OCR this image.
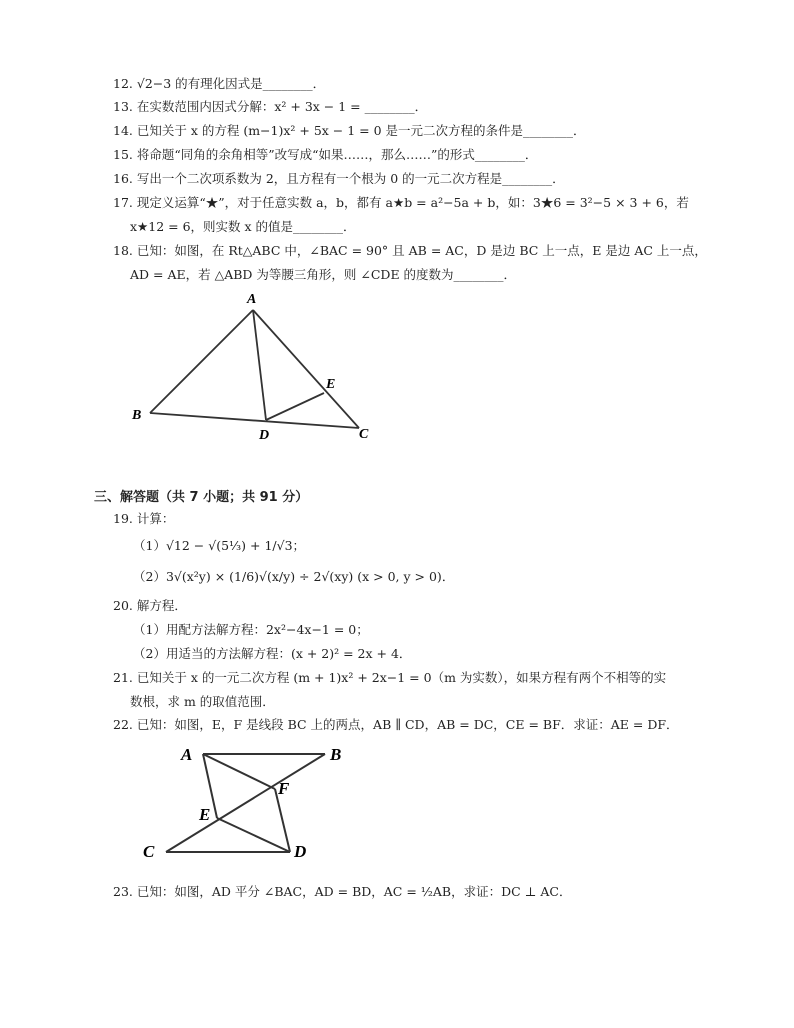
12. √2−3 的有理化因式是________．
13. 在实数范围内因式分解：x² + 3x − 1 = ________．
14. 已知关于 x 的方程 (m−1)x² + 5x − 1 = 0 是一元二次方程的条件是________．
15. 将命题“同角的余角相等”改写成“如果……，那么……”的形式________．
16. 写出一个二次项系数为 2，且方程有一个根为 0 的一元二次方程是________．
17. 现定义运算“★”，对于任意实数 a，b，都有 a★b = a²−5a + b，如：3★6 = 3²−5 × 3 + 6，若
x★12 = 6，则实数 x 的值是________．
18. 已知：如图，在 Rt△ABC 中，∠BAC = 90° 且 AB = AC，D 是边 BC 上一点，E 是边 AC 上一点，
AD = AE，若 △ABD 为等腰三角形，则 ∠CDE 的度数为________．
A
B
C
D
E
三、解答题（共 7 小题；共 91 分）
19. 计算：
（1）√12 − √(5⅓) + 1/√3；
（2）3√(x²y) × (1/6)√(x/y) ÷ 2√(xy) (x > 0, y > 0)．
20. 解方程．
（1）用配方法解方程：2x²−4x−1 = 0；
（2）用适当的方法解方程：(x + 2)² = 2x + 4．
21. 已知关于 x 的一元二次方程 (m + 1)x² + 2x−1 = 0（m 为实数），如果方程有两个不相等的实
数根，求 m 的取值范围．
22. 已知：如图，E，F 是线段 BC 上的两点，AB ∥ CD，AB = DC，CE = BF．求证：AE = DF．
A	B
C	D
E
F
23. 已知：如图，AD 平分 ∠BAC，AD = BD，AC = ½AB，求证：DC ⊥ AC．
